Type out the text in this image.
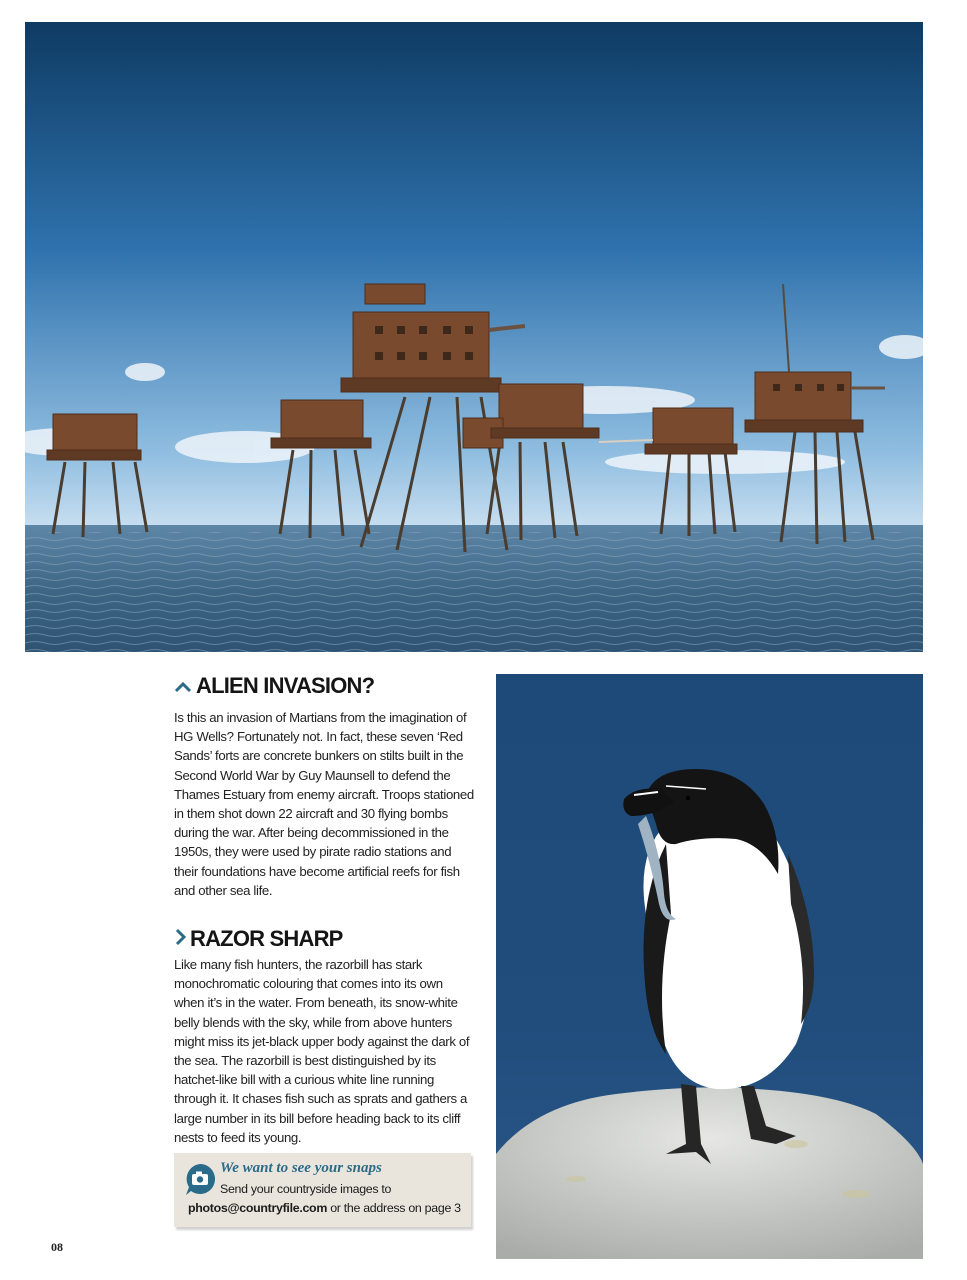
ALIEN INVASION?

Is this an invasion of Martians from the imagination of HG Wells? Fortunately not. In fact, these seven ‘Red Sands’ forts are concrete bunkers on stilts built in the Second World War by Guy Maunsell to defend the Thames Estuary from enemy aircraft. Troops stationed in them shot down 22 aircraft and 30 flying bombs during the war. After being decommissioned in the 1950s, they were used by pirate radio stations and their foundations have become artificial reefs for fish and other sea life.

RAZOR SHARP

Like many fish hunters, the razorbill has stark monochromatic colouring that comes into its own when it’s in the water. From beneath, its snow-white belly blends with the sky, while from above hunters might miss its jet-black upper body against the dark of the sea. The razorbill is best distinguished by its hatchet-like bill with a curious white line running through it. It chases fish such as sprats and gathers a large number in its bill before heading back to its cliff nests to feed its young.

We want to see your snaps
Send your countryside images to
photos@countryfile.com or the address on page 3
08
